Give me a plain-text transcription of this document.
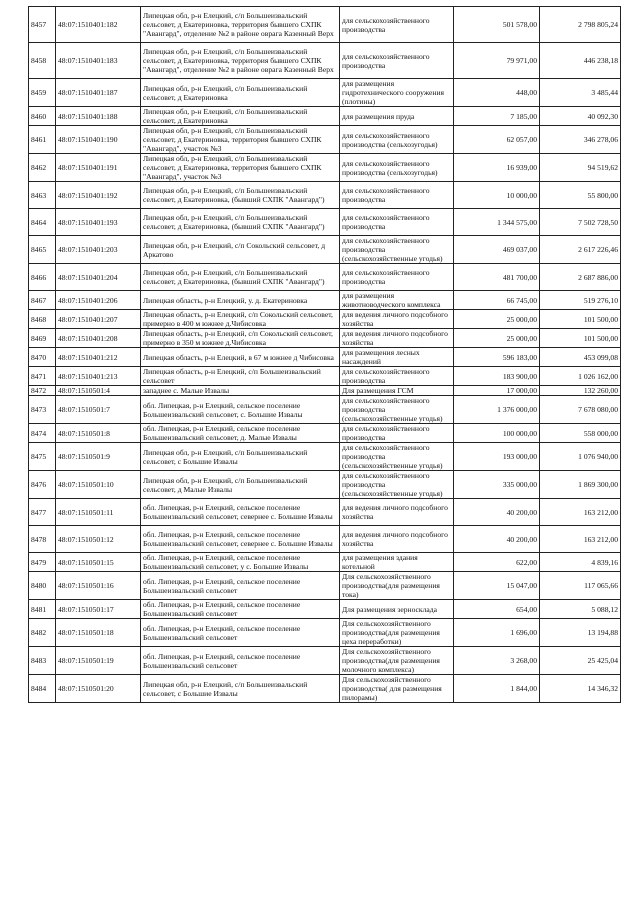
8457	48:07:1510401:182	Липецкая обл, р-н Елецкий, с/п Большеизвальский сельсовет, д Екатериновка, территория бывшего СХПК "Авангард", отделение №2 в районе оврага Казенный Верх	для сельскохозяйственного производства	501 578,00	2 798 805,24
8458	48:07:1510401:183	Липецкая обл, р-н Елецкий, с/п Большеизвальский сельсовет, д Екатериновка, территория бывшего СХПК "Авангард", отделение №2 в районе оврага Казенный Верх	для сельскохозяйственного производства	79 971,00	446 238,18
8459	48:07:1510401:187	Липецкая обл, р-н Елецкий, с/п Большеизвальский сельсовет, д Екатериновка	для размещения гидротехнического сооружения (плотины)	448,00	3 485,44
8460	48:07:1510401:188	Липецкая обл, р-н Елецкий, с/п Большеизвальский сельсовет, д Екатериновка	для размещения пруда	7 185,00	40 092,30
8461	48:07:1510401:190	Липецкая обл, р-н Елецкий, с/п Большеизвальский сельсовет, д Екатериновка, территория бывшего СХПК "Авангард", участок №3	для сельскохозяйственного производства (сельхозугодья)	62 057,00	346 278,06
8462	48:07:1510401:191	Липецкая обл, р-н Елецкий, с/п Большеизвальский сельсовет, д Екатериновка, территория бывшего СХПК "Авангард", участок №3	для сельскохозяйственного производства (сельхозугодья)	16 939,00	94 519,62
8463	48:07:1510401:192	Липецкая обл, р-н Елецкий, с/п Большеизвальский сельсовет, д Екатериновка, (бывший СХПК "Авангард")	для сельскохозяйственного производства	10 000,00	55 800,00
8464	48:07:1510401:193	Липецкая обл, р-н Елецкий, с/п Большеизвальский сельсовет, д Екатериновка, (бывший СХПК "Авангард")	для сельскохозяйственного производства	1 344 575,00	7 502 728,50
8465	48:07:1510401:203	Липецкая обл, р-н Елецкий, с/п Сокольский сельсовет, д Аркатово	для сельскохозяйственного производства (сельскохозяйственные угодья)	469 037,00	2 617 226,46
8466	48:07:1510401:204	Липецкая обл, р-н Елецкий, с/п Большеизвальский сельсовет, д Екатериновка, (бывший СХПК "Авангард")	для сельскохозяйственного производства	481 700,00	2 687 886,00
8467	48:07:1510401:206	Липецкая область, р-н Елецкий, у. д. Екатериновка	для размещения животноводческого комплекса	66 745,00	519 276,10
8468	48:07:1510401:207	Липецкая область, р-н Елецкий, с/п Сокольский сельсовет, примерно в 400 м южнее д.Чибисовка	для ведения личного подсобного хозяйства	25 000,00	101 500,00
8469	48:07:1510401:208	Липецкая область, р-н Елецкий, с/п Сокольский сельсовет, примерно в 350 м южнее д.Чибисовка	для ведения личного подсобного хозяйства	25 000,00	101 500,00
8470	48:07:1510401:212	Липецкая область, р-н Елецкий, в 67 м южнее д Чибисовка	для размещения лесных насаждений	596 183,00	453 099,08
8471	48:07:1510401:213	Липецкая область, р-н Елецкий, с/п Большеизвальский сельсовет	для сельскохозяйственного производства	183 900,00	1 026 162,00
8472	48:07:1510501:4	западнее с. Малые Извалы	Для размещения ГСМ	17 000,00	132 260,00
8473	48:07:1510501:7	обл. Липецкая, р-н Елецкий, сельское поселение Большеизвальский сельсовет, с. Большие Извалы	для сельскохозяйственного производства (сельскохозяйственные угодья)	1 376 000,00	7 678 080,00
8474	48:07:1510501:8	обл. Липецкая, р-н Елецкий, сельское поселение Большеизвальский сельсовет, д. Малые Извалы	для сельскохозяйственного производства	100 000,00	558 000,00
8475	48:07:1510501:9	Липецкая обл, р-н Елецкий, с/п Большеизвальский сельсовет, с Большие Извалы	для сельскохозяйственного производства (сельскохозяйственные угодья)	193 000,00	1 076 940,00
8476	48:07:1510501:10	Липецкая обл, р-н Елецкий, с/п Большеизвальский сельсовет, д Малые Извалы	для сельскохозяйственного производства (сельскохозяйственные угодья)	335 000,00	1 869 300,00
8477	48:07:1510501:11	обл. Липецкая, р-н Елецкий, сельское поселение Большеизвальский сельсовет, севернее с. Большие Извалы	для ведения личного подсобного хозяйства	40 200,00	163 212,00
8478	48:07:1510501:12	обл. Липецкая, р-н Елецкий, сельское поселение Большеизвальский сельсовет, севернее с. Большие Извалы	для ведения личного подсобного хозяйства	40 200,00	163 212,00
8479	48:07:1510501:15	обл. Липецкая, р-н Елецкий, сельское поселение Большеизвальский сельсовет, у с. Большие Извалы	для размещения здания котельной	622,00	4 839,16
8480	48:07:1510501:16	обл. Липецкая, р-н Елецкий, сельское поселение Большеизвальский сельсовет	Для сельскохозяйственного производства(для размещения тока)	15 047,00	117 065,66
8481	48:07:1510501:17	обл. Липецкая, р-н Елецкий, сельское поселение Большеизвальский сельсовет	Для размещения зерносклада	654,00	5 088,12
8482	48:07:1510501:18	обл. Липецкая, р-н Елецкий, сельское поселение Большеизвальский сельсовет	Для сельскохозяйственного производства(для размещения цеха переработки)	1 696,00	13 194,88
8483	48:07:1510501:19	обл. Липецкая, р-н Елецкий, сельское поселение Большеизвальский сельсовет	Для сельскохозяйственного производства(для размещения молочного комплекса)	3 268,00	25 425,04
8484	48:07:1510501:20	Липецкая обл, р-н Елецкий, с/п Большеизвальский сельсовет, с Большие Извалы	Для сельскохозяйственного производства( для размещения пилорамы)	1 844,00	14 346,32
